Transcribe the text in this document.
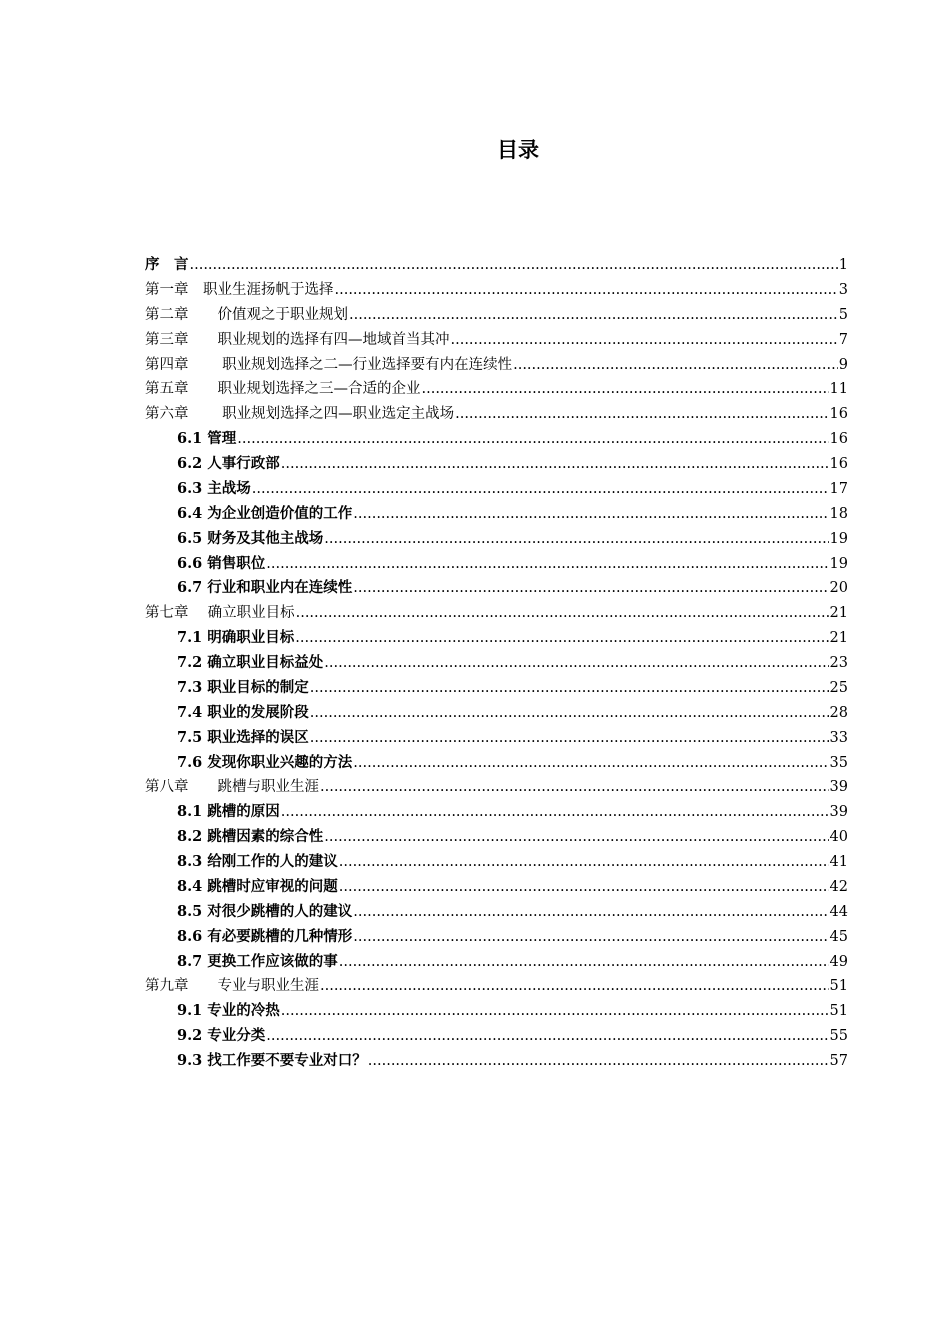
目录
序　言 .....	1
第一章　职业生涯扬帆于选择 .....	3
第二章　　价值观之于职业规划 .....	5
第三章　　职业规划的选择有四—地域首当其冲 .....	7
第四章　　 职业规划选择之二—行业选择要有内在连续性 .....	9
第五章　　职业规划选择之三—合适的企业 .....	11
第六章　　 职业规划选择之四—职业选定主战场 .....	16
6.1 管理 .....	16
6.2 人事行政部 .....	16
6.3 主战场 .....	17
6.4 为企业创造价值的工作 .....	18
6.5 财务及其他主战场 .....	19
6.6 销售职位 .....	19
6.7 行业和职业内在连续性 .....	20
第七章　 确立职业目标 .....	21
7.1 明确职业目标 .....	21
7.2 确立职业目标益处 .....	23
7.3 职业目标的制定 .....	25
7.4 职业的发展阶段 .....	28
7.5 职业选择的误区 .....	33
7.6 发现你职业兴趣的方法 .....	35
第八章　　跳槽与职业生涯 .....	39
8.1 跳槽的原因 .....	39
8.2 跳槽因素的综合性 .....	40
8.3 给刚工作的人的建议 .....	41
8.4 跳槽时应审视的问题 .....	42
8.5 对很少跳槽的人的建议 .....	44
8.6 有必要跳槽的几种情形 .....	45
8.7 更换工作应该做的事 .....	49
第九章　　专业与职业生涯 .....	51
9.1 专业的冷热 .....	51
9.2 专业分类 .....	55
9.3 找工作要不要专业对口？ .....	57
